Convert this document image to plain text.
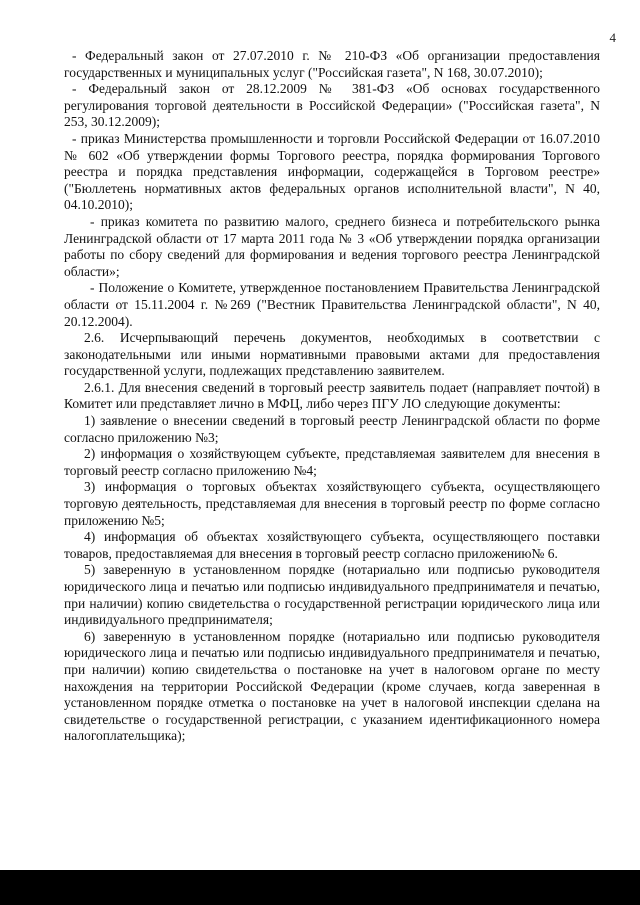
4

- Федеральный закон от 27.07.2010 г. № 210-ФЗ «Об организации предоставления государственных и муниципальных услуг ("Российская газета", N 168, 30.07.2010);

- Федеральный закон от 28.12.2009 № 381-ФЗ «Об основах государственного регулирования торговой деятельности в Российской Федерации» ("Российская газета", N 253, 30.12.2009);

- приказ Министерства промышленности и торговли Российской Федерации от 16.07.2010 № 602 «Об утверждении формы Торгового реестра, порядка формирования Торгового реестра и порядка представления информации, содержащейся в Торговом реестре» ("Бюллетень нормативных актов федеральных органов исполнительной власти", N 40, 04.10.2010);

- приказ комитета по развитию малого, среднего бизнеса и потребительского рынка Ленинградской области от 17 марта 2011 года № 3 «Об утверждении порядка организации работы по сбору сведений для формирования и ведения торгового реестра Ленинградской области»;

- Положение о Комитете, утвержденное постановлением Правительства Ленинградской области от 15.11.2004 г. №269 ("Вестник Правительства Ленинградской области", N 40, 20.12.2004).

2.6. Исчерпывающий перечень документов, необходимых в соответствии с законодательными или иными нормативными правовыми актами для предоставления государственной услуги, подлежащих представлению заявителем.

2.6.1. Для внесения сведений в торговый реестр заявитель подает (направляет почтой) в Комитет или представляет лично в МФЦ, либо через ПГУ ЛО следующие документы:

1) заявление о внесении сведений в торговый реестр Ленинградской области по форме согласно приложению №3;

2) информация о хозяйствующем субъекте, представляемая заявителем для внесения в торговый реестр согласно приложению №4;

3) информация о торговых объектах хозяйствующего субъекта, осуществляющего торговую деятельность, представляемая для внесения в торговый реестр по форме согласно приложению №5;

4) информация об объектах хозяйствующего субъекта, осуществляющего поставки товаров, предоставляемая для внесения в торговый реестр согласно приложению№ 6.

5) заверенную в установленном порядке (нотариально или подписью руководителя юридического лица и печатью или подписью индивидуального предпринимателя и печатью, при наличии) копию свидетельства о государственной регистрации юридического лица или индивидуального предпринимателя;

6) заверенную в установленном порядке (нотариально или подписью руководителя юридического лица и печатью или подписью индивидуального предпринимателя и печатью, при наличии) копию свидетельства о постановке на учет в налоговом органе по месту нахождения на территории Российской Федерации (кроме случаев, когда заверенная в установленном порядке отметка о постановке на учет в налоговой инспекции сделана на свидетельстве о государственной регистрации, с указанием идентификационного номера налогоплательщика);
